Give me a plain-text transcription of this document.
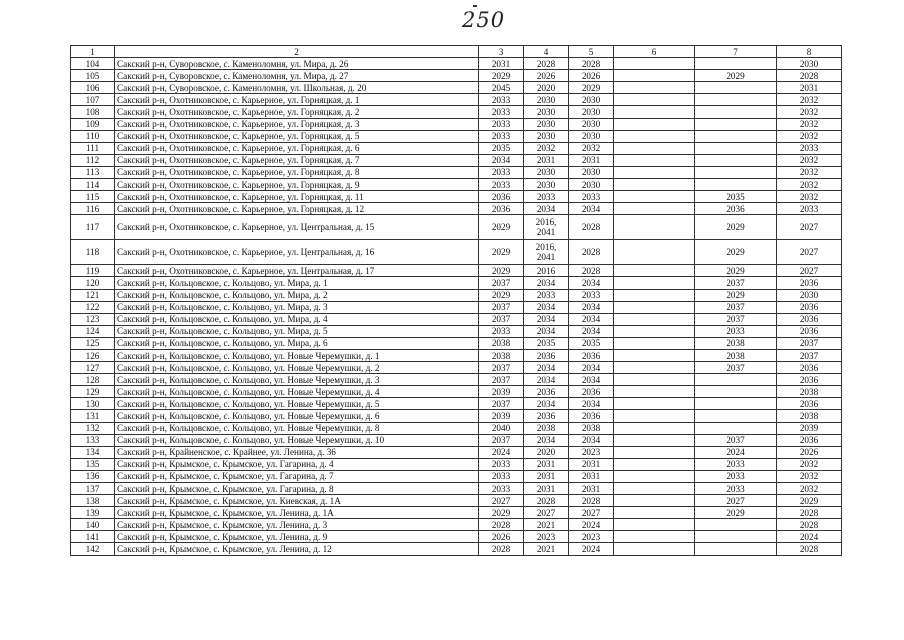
250
1	2	3	4	5	6	7	8
104	Сакский р-н, Суворовское, с. Каменоломня, ул. Мира, д. 26	2031	2028	2028			2030
105	Сакский р-н, Суворовское, с. Каменоломня, ул. Мира, д. 27	2029	2026	2026		2029	2028
106	Сакский р-н, Суворовское, с. Каменоломня, ул. Школьная, д. 20	2045	2020	2029			2031
107	Сакский р-н, Охотниковское, с. Карьерное, ул. Горняцкая, д. 1	2033	2030	2030			2032
108	Сакский р-н, Охотниковское, с. Карьерное, ул. Горняцкая, д. 2	2033	2030	2030			2032
109	Сакский р-н, Охотниковское, с. Карьерное, ул. Горняцкая, д. 3	2033	2030	2030			2032
110	Сакский р-н, Охотниковское, с. Карьерное, ул. Горняцкая, д. 5	2033	2030	2030			2032
111	Сакский р-н, Охотниковское, с. Карьерное, ул. Горняцкая, д. 6	2035	2032	2032			2033
112	Сакский р-н, Охотниковское, с. Карьерное, ул. Горняцкая, д. 7	2034	2031	2031			2032
113	Сакский р-н, Охотниковское, с. Карьерное, ул. Горняцкая, д. 8	2033	2030	2030			2032
114	Сакский р-н, Охотниковское, с. Карьерное, ул. Горняцкая, д. 9	2033	2030	2030			2032
115	Сакский р-н, Охотниковское, с. Карьерное, ул. Горняцкая, д. 11	2036	2033	2033		2035	2032
116	Сакский р-н, Охотниковское, с. Карьерное, ул. Горняцкая, д. 12	2036	2034	2034		2036	2033
117	Сакский р-н, Охотниковское, с. Карьерное, ул. Центральная, д. 15	2029	2016,
2041	2028		2029	2027
118	Сакский р-н, Охотниковское, с. Карьерное, ул. Центральная, д. 16	2029	2016,
2041	2028		2029	2027
119	Сакский р-н, Охотниковское, с. Карьерное, ул. Центральная, д. 17	2029	2016	2028		2029	2027
120	Сакский р-н, Кольцовское, с. Кольцово, ул. Мира, д. 1	2037	2034	2034		2037	2036
121	Сакский р-н, Кольцовское, с. Кольцово, ул. Мира, д. 2	2029	2033	2033		2029	2030
122	Сакский р-н, Кольцовское, с. Кольцово, ул. Мира, д. 3	2037	2034	2034		2037	2036
123	Сакский р-н, Кольцовское, с. Кольцово, ул. Мира, д. 4	2037	2034	2034		2037	2036
124	Сакский р-н, Кольцовское, с. Кольцово, ул. Мира, д. 5	2033	2034	2034		2033	2036
125	Сакский р-н, Кольцовское, с. Кольцово, ул. Мира, д. 6	2038	2035	2035		2038	2037
126	Сакский р-н, Кольцовское, с. Кольцово, ул. Новые Черемушки, д. 1	2038	2036	2036		2038	2037
127	Сакский р-н, Кольцовское, с. Кольцово, ул. Новые Черемушки, д. 2	2037	2034	2034		2037	2036
128	Сакский р-н, Кольцовское, с. Кольцово, ул. Новые Черемушки, д. 3	2037	2034	2034			2036
129	Сакский р-н, Кольцовское, с. Кольцово, ул. Новые Черемушки, д. 4	2039	2036	2036			2038
130	Сакский р-н, Кольцовское, с. Кольцово, ул. Новые Черемушки, д. 5	2037	2034	2034			2036
131	Сакский р-н, Кольцовское, с. Кольцово, ул. Новые Черемушки, д. 6	2039	2036	2036			2038
132	Сакский р-н, Кольцовское, с. Кольцово, ул. Новые Черемушки, д. 8	2040	2038	2038			2039
133	Сакский р-н, Кольцовское, с. Кольцово, ул. Новые Черемушки, д. 10	2037	2034	2034		2037	2036
134	Сакский р-н, Крайненское, с. Крайнее, ул. Ленина, д. 36	2024	2020	2023		2024	2026
135	Сакский р-н, Крымское, с. Крымское, ул. Гагарина, д. 4	2033	2031	2031		2033	2032
136	Сакский р-н, Крымское, с. Крымское, ул. Гагарина, д. 7	2033	2031	2031		2033	2032
137	Сакский р-н, Крымское, с. Крымское, ул. Гагарина, д. 8	2033	2031	2031		2033	2032
138	Сакский р-н, Крымское, с. Крымское, ул. Киевская, д. 1А	2027	2028	2028		2027	2029
139	Сакский р-н, Крымское, с. Крымское, ул. Ленина, д. 1А	2029	2027	2027		2029	2028
140	Сакский р-н, Крымское, с. Крымское, ул. Ленина, д. 3	2028	2021	2024			2028
141	Сакский р-н, Крымское, с. Крымское, ул. Ленина, д. 9	2026	2023	2023			2024
142	Сакский р-н, Крымское, с. Крымское, ул. Ленина, д. 12	2028	2021	2024			2028
